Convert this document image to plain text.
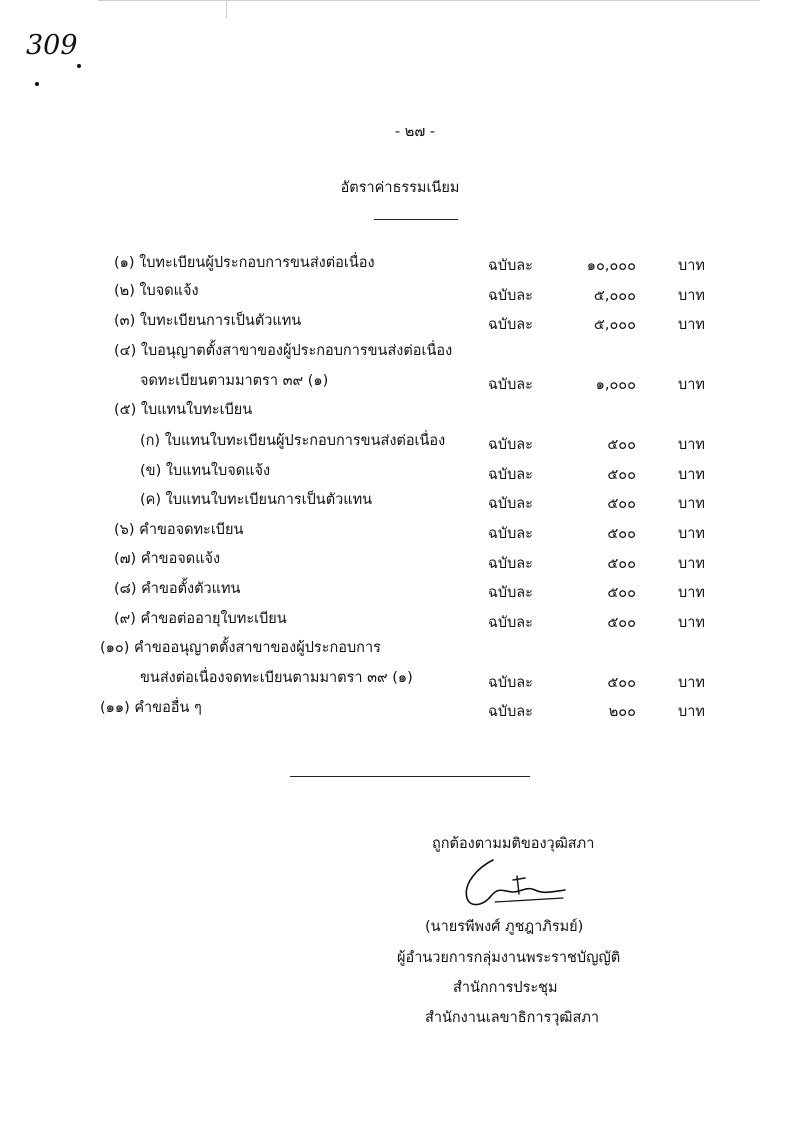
309
- ๒๗ -
อัตราค่าธรรมเนียม
(๑) ใบทะเบียนผู้ประกอบการขนส่งต่อเนื่อง	ฉบับละ	๑๐,๐๐๐	บาท
(๒) ใบจดแจ้ง	ฉบับละ	๕,๐๐๐	บาท
(๓) ใบทะเบียนการเป็นตัวแทน	ฉบับละ	๕,๐๐๐	บาท
(๔) ใบอนุญาตตั้งสาขาของผู้ประกอบการขนส่งต่อเนื่อง
จดทะเบียนตามมาตรา ๓๙ (๑)	ฉบับละ	๑,๐๐๐	บาท
(๕) ใบแทนใบทะเบียน
(ก) ใบแทนใบทะเบียนผู้ประกอบการขนส่งต่อเนื่อง	ฉบับละ	๕๐๐	บาท
(ข) ใบแทนใบจดแจ้ง	ฉบับละ	๕๐๐	บาท
(ค) ใบแทนใบทะเบียนการเป็นตัวแทน	ฉบับละ	๕๐๐	บาท
(๖) คำขอจดทะเบียน	ฉบับละ	๕๐๐	บาท
(๗) คำขอจดแจ้ง	ฉบับละ	๕๐๐	บาท
(๘) คำขอตั้งตัวแทน	ฉบับละ	๕๐๐	บาท
(๙) คำขอต่ออายุใบทะเบียน	ฉบับละ	๕๐๐	บาท
(๑๐) คำขออนุญาตตั้งสาขาของผู้ประกอบการ
ขนส่งต่อเนื่องจดทะเบียนตามมาตรา ๓๙ (๑)	ฉบับละ	๕๐๐	บาท
(๑๑) คำขออื่น ๆ	ฉบับละ	๒๐๐	บาท
ถูกต้องตามมติของวุฒิสภา
(นายรพีพงศ์ ภูชฎาภิรมย์)
ผู้อำนวยการกลุ่มงานพระราชบัญญัติ
สำนักการประชุม
สำนักงานเลขาธิการวุฒิสภา
